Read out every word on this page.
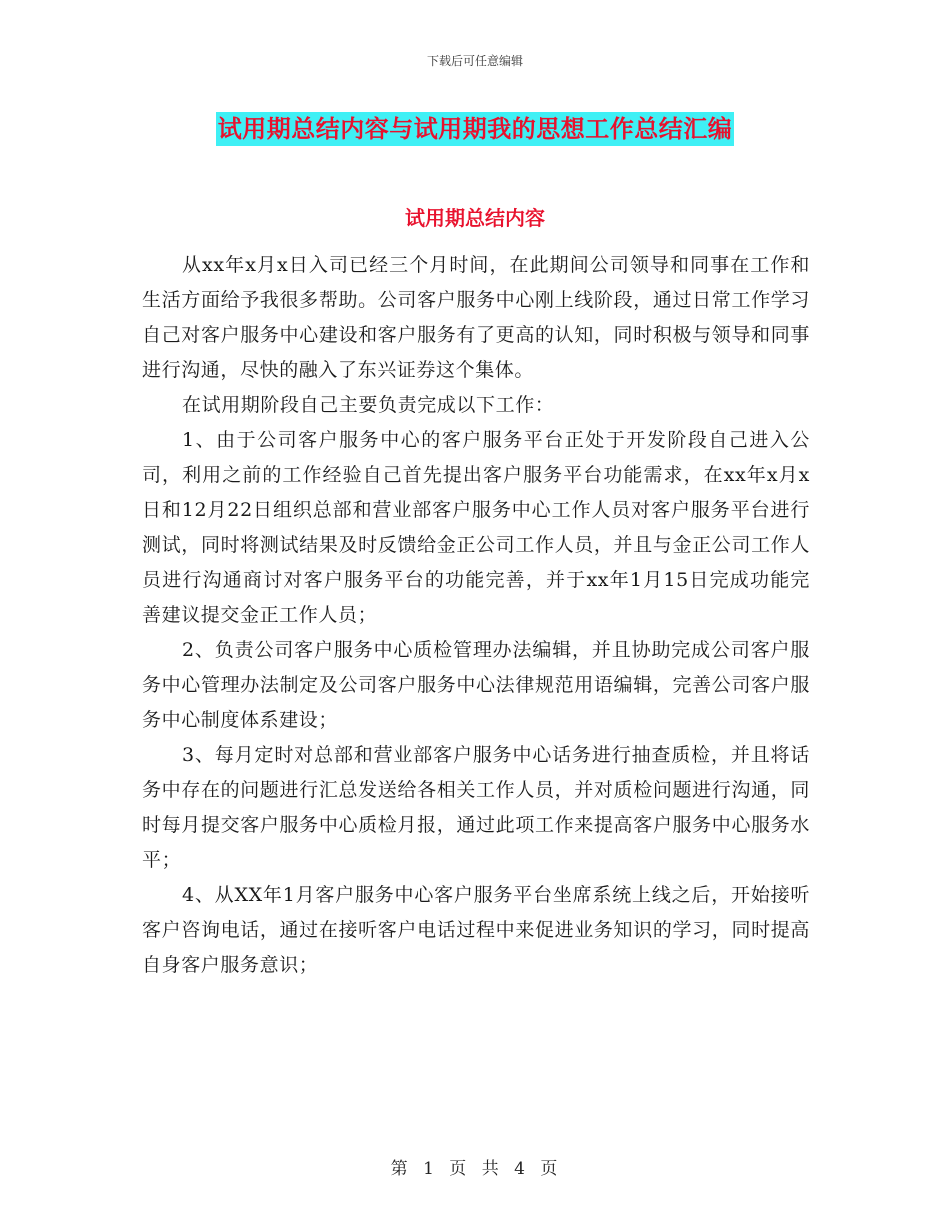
下载后可任意编辑
试用期总结内容与试用期我的思想工作总结汇编
试用期总结内容

从xx年x月x日入司已经三个月时间，在此期间公司领导和同事在工作和生活方面给予我很多帮助。公司客户服务中心刚上线阶段，通过日常工作学习自己对客户服务中心建设和客户服务有了更高的认知，同时积极与领导和同事进行沟通，尽快的融入了东兴证券这个集体。

在试用期阶段自己主要负责完成以下工作：

1、由于公司客户服务中心的客户服务平台正处于开发阶段自己进入公司，利用之前的工作经验自己首先提出客户服务平台功能需求，在xx年x月x日和12月22日组织总部和营业部客户服务中心工作人员对客户服务平台进行测试，同时将测试结果及时反馈给金正公司工作人员，并且与金正公司工作人员进行沟通商讨对客户服务平台的功能完善，并于xx年1月15日完成功能完善建议提交金正工作人员；

2、负责公司客户服务中心质检管理办法编辑，并且协助完成公司客户服务中心管理办法制定及公司客户服务中心法律规范用语编辑，完善公司客户服务中心制度体系建设；

3、每月定时对总部和营业部客户服务中心话务进行抽查质检，并且将话务中存在的问题进行汇总发送给各相关工作人员，并对质检问题进行沟通，同时每月提交客户服务中心质检月报，通过此项工作来提高客户服务中心服务水平；

4、从XX年1月客户服务中心客户服务平台坐席系统上线之后，开始接听客户咨询电话，通过在接听客户电话过程中来促进业务知识的学习，同时提高自身客户服务意识；

第 1 页 共 4 页
